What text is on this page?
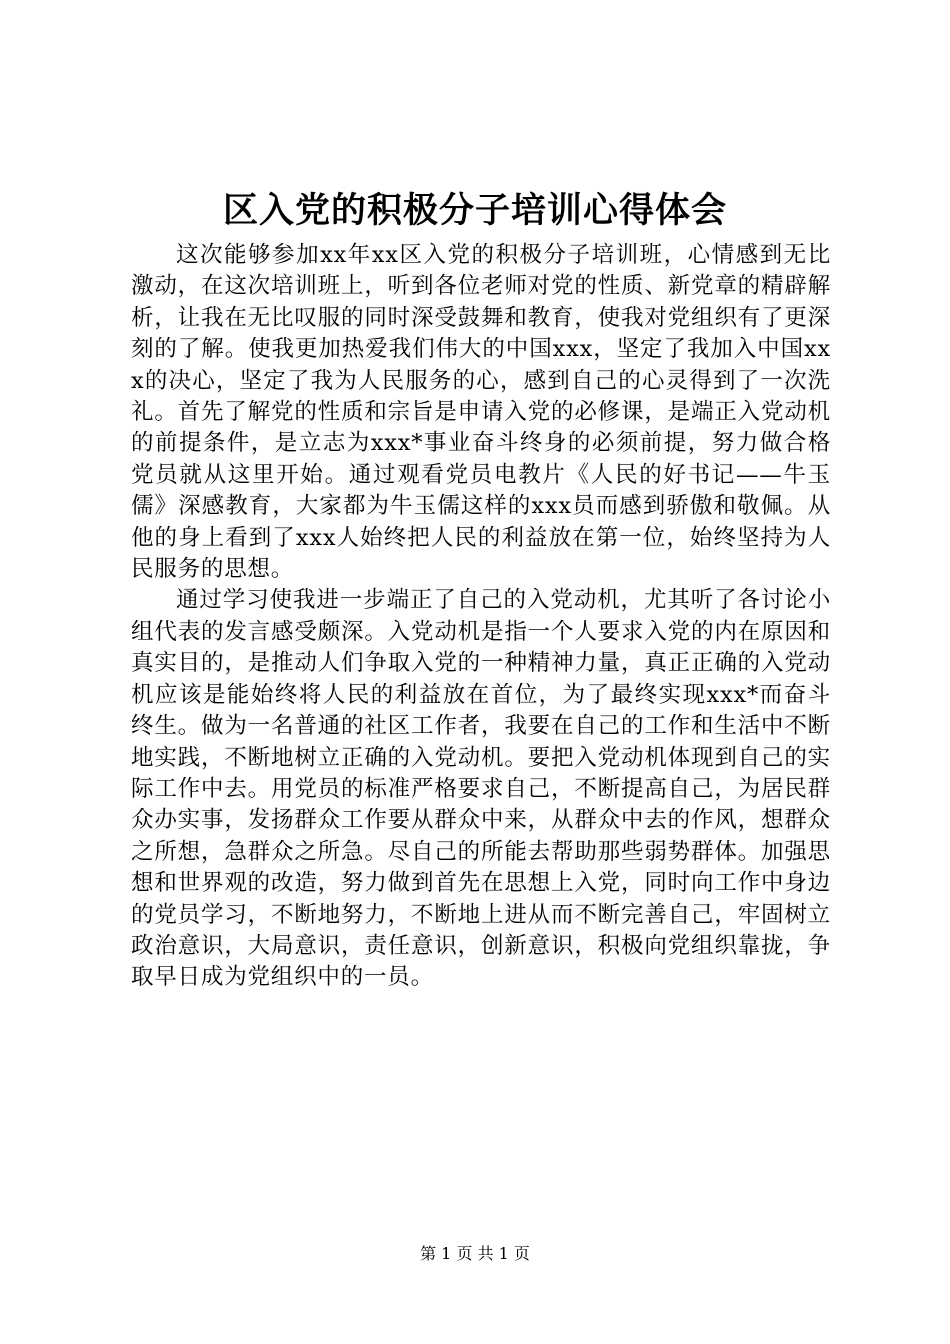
区入党的积极分子培训心得体会

这次能够参加xx年xx区入党的积极分子培训班，心情感到无比激动，在这次培训班上，听到各位老师对党的性质、新党章的精辟解析，让我在无比叹服的同时深受鼓舞和教育，使我对党组织有了更深刻的了解。使我更加热爱我们伟大的中国xxx，坚定了我加入中国xxx的决心，坚定了我为人民服务的心，感到自己的心灵得到了一次洗礼。首先了解党的性质和宗旨是申请入党的必修课，是端正入党动机的前提条件，是立志为xxx*事业奋斗终身的必须前提，努力做合格党员就从这里开始。通过观看党员电教片《人民的好书记——牛玉儒》深感教育，大家都为牛玉儒这样的xxx员而感到骄傲和敬佩。从他的身上看到了xxx人始终把人民的利益放在第一位，始终坚持为人民服务的思想。

通过学习使我进一步端正了自己的入党动机，尤其听了各讨论小组代表的发言感受颇深。入党动机是指一个人要求入党的内在原因和真实目的，是推动人们争取入党的一种精神力量，真正正确的入党动机应该是能始终将人民的利益放在首位，为了最终实现xxx*而奋斗终生。做为一名普通的社区工作者，我要在自己的工作和生活中不断地实践，不断地树立正确的入党动机。要把入党动机体现到自己的实际工作中去。用党员的标准严格要求自己，不断提高自己，为居民群众办实事，发扬群众工作要从群众中来，从群众中去的作风，想群众之所想，急群众之所急。尽自己的所能去帮助那些弱势群体。加强思想和世界观的改造，努力做到首先在思想上入党，同时向工作中身边的党员学习，不断地努力，不断地上进从而不断完善自己，牢固树立政治意识，大局意识，责任意识，创新意识，积极向党组织靠拢，争取早日成为党组织中的一员。

第 1 页 共 1 页
